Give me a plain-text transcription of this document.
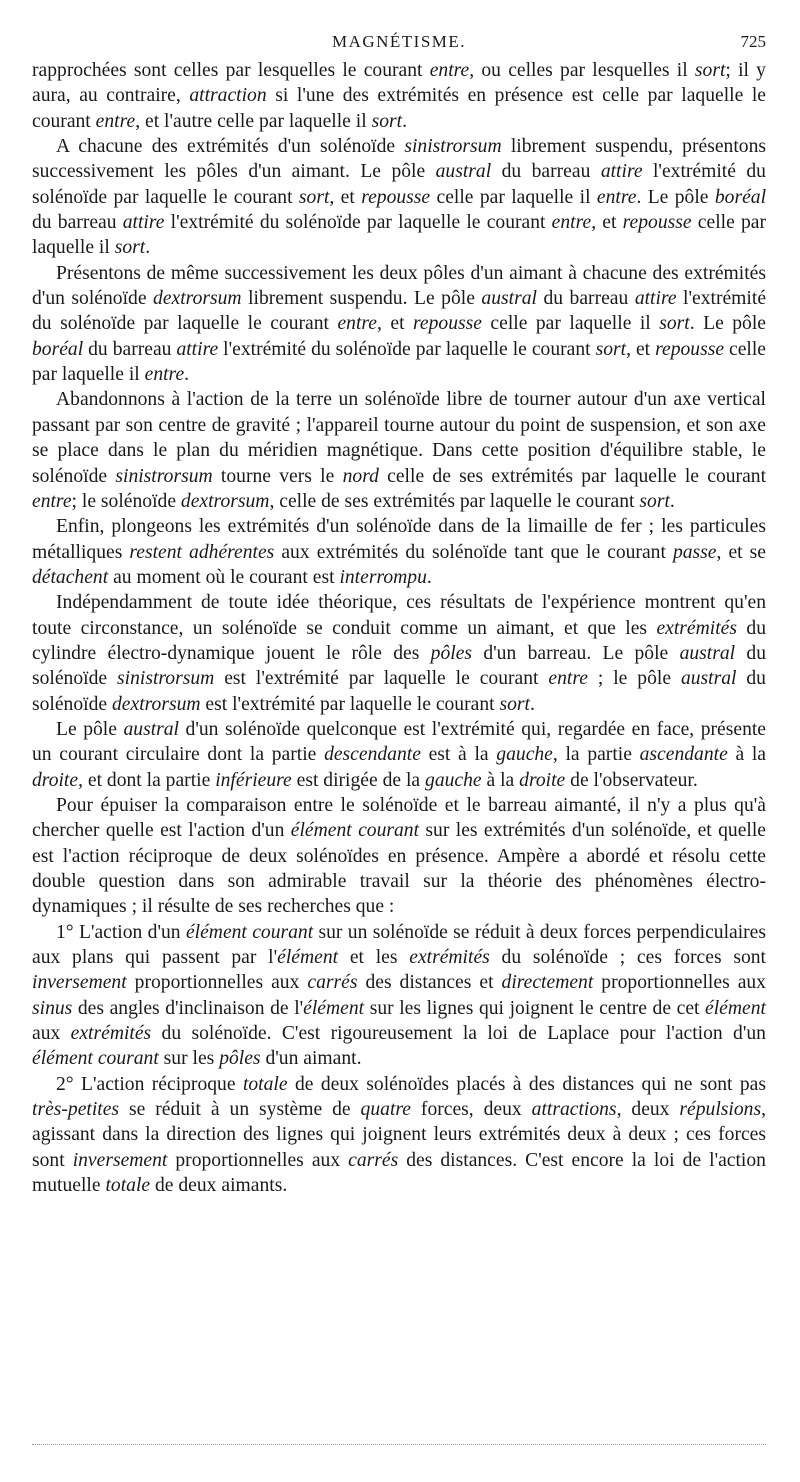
MAGNÉTISME.	725

rapprochées sont celles par lesquelles le courant entre, ou celles par lesquelles il sort; il y aura, au contraire, attraction si l'une des extrémités en présence est celle par laquelle le courant entre, et l'autre celle par laquelle il sort.

A chacune des extrémités d'un solénoïde sinistrorsum librement suspendu, présentons successivement les pôles d'un aimant. Le pôle austral du barreau attire l'extrémité du solénoïde par laquelle le courant sort, et repousse celle par laquelle il entre. Le pôle boréal du barreau attire l'extrémité du solénoïde par laquelle le courant entre, et repousse celle par laquelle il sort.

Présentons de même successivement les deux pôles d'un aimant à chacune des extrémités d'un solénoïde dextrorsum librement suspendu. Le pôle austral du barreau attire l'extrémité du solénoïde par laquelle le courant entre, et repousse celle par laquelle il sort. Le pôle boréal du barreau attire l'extrémité du solénoïde par laquelle le courant sort, et repousse celle par laquelle il entre.

Abandonnons à l'action de la terre un solénoïde libre de tourner autour d'un axe vertical passant par son centre de gravité ; l'appareil tourne autour du point de suspension, et son axe se place dans le plan du méridien magnétique. Dans cette position d'équilibre stable, le solénoïde sinistrorsum tourne vers le nord celle de ses extrémités par laquelle le courant entre; le solénoïde dextrorsum, celle de ses extrémités par laquelle le courant sort.

Enfin, plongeons les extrémités d'un solénoïde dans de la limaille de fer ; les particules métalliques restent adhérentes aux extrémités du solénoïde tant que le courant passe, et se détachent au moment où le courant est interrompu.

Indépendamment de toute idée théorique, ces résultats de l'expérience montrent qu'en toute circonstance, un solénoïde se conduit comme un aimant, et que les extrémités du cylindre électro-dynamique jouent le rôle des pôles d'un barreau. Le pôle austral du solénoïde sinistrorsum est l'extrémité par laquelle le courant entre ; le pôle austral du solénoïde dextrorsum est l'extrémité par laquelle le courant sort.

Le pôle austral d'un solénoïde quelconque est l'extrémité qui, regardée en face, présente un courant circulaire dont la partie descendante est à la gauche, la partie ascendante à la droite, et dont la partie inférieure est dirigée de la gauche à la droite de l'observateur.

Pour épuiser la comparaison entre le solénoïde et le barreau aimanté, il n'y a plus qu'à chercher quelle est l'action d'un élément courant sur les extrémités d'un solénoïde, et quelle est l'action réciproque de deux solénoïdes en présence. Ampère a abordé et résolu cette double question dans son admirable travail sur la théorie des phénomènes électro-dynamiques ; il résulte de ses recherches que :

1° L'action d'un élément courant sur un solénoïde se réduit à deux forces perpendiculaires aux plans qui passent par l'élément et les extrémités du solénoïde ; ces forces sont inversement proportionnelles aux carrés des distances et directement proportionnelles aux sinus des angles d'inclinaison de l'élément sur les lignes qui joignent le centre de cet élément aux extrémités du solénoïde. C'est rigoureusement la loi de Laplace pour l'action d'un élément courant sur les pôles d'un aimant.

2° L'action réciproque totale de deux solénoïdes placés à des distances qui ne sont pas très-petites se réduit à un système de quatre forces, deux attractions, deux répulsions, agissant dans la direction des lignes qui joignent leurs extrémités deux à deux ; ces forces sont inversement proportionnelles aux carrés des distances. C'est encore la loi de l'action mutuelle totale de deux aimants.
